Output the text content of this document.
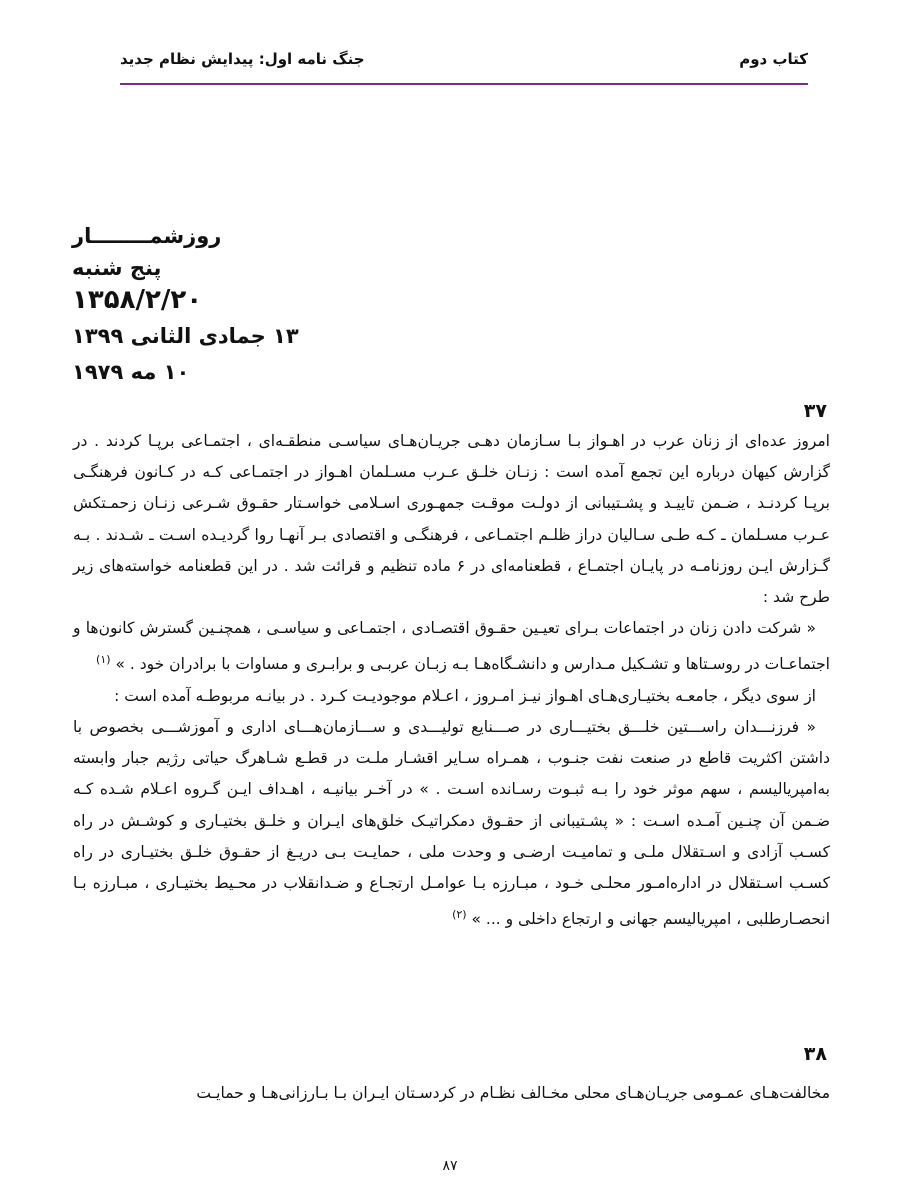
کتاب دوم
جنگ نامه اول: پیدایش نظام جدید
روزشمــــــــار
پنج شنبه
۱۳۵۸/۲/۲۰
۱۳ جمادی الثانی ۱۳۹۹
۱۰ مه ۱۹۷۹
۳۷

امروز عده‌ای از زنان عرب در اهـواز بـا سـازمان دهـی جریـان‌هـای سیاسـی منطقـه‌ای ، اجتمـاعی برپـا کردند . در گزارش کیهان درباره این تجمع آمده است : زنـان خلـق عـرب مسـلمان اهـواز در اجتمـاعی کـه در کـانون فرهنگـی برپـا کردنـد ، ضـمن تاییـد و پشـتیبانی از دولـت موقـت جمهـوری اسـلامی خواسـتار حقـوق شـرعی زنـان زحمـتکش عـرب مسـلمان ـ کـه طـی سـالیان دراز ظلـم اجتمـاعی ، فرهنگـی و اقتصادی بـر آنهـا روا گردیـده اسـت ـ شـدند . بـه گـزارش ایـن روزنامـه در پایـان اجتمـاع ، قطعنامه‌ای در ۶ ماده تنظیم و قرائت شد . در این قطعنامه خواسته‌های زیر طرح شد :

« شرکت دادن زنان در اجتماعات بـرای تعیـین حقـوق اقتصـادی ، اجتمـاعی و سیاسـی ، همچنـین گسترش کانون‌ها و اجتماعـات در روسـتاها و تشـکیل مـدارس و دانشـگاه‌هـا بـه زبـان عربـی و برابـری و مساوات با برادران خود . » $^{(۱)}$

از سوی دیگر ، جامعـه بختیـاری‌هـای اهـواز نیـز امـروز ، اعـلام موجودیـت کـرد . در بیانـه مربوطـه آمده است :

« فرزنـــدان راســـتین خلـــق بختیـــاری در صـــنایع تولیـــدی و ســـازمان‌هـــای اداری و آموزشـــی بخصوص با داشتن اکثریت قاطع در صنعت نفت جنـوب ، همـراه سـایر اقشـار ملـت در قطـع شـاهرگ حیاتی رژیم جبار وابسته به‌امپریالیسم ، سهم موثر خود را بـه ثبـوت رسـانده اسـت . » در آخـر بیانیـه ، اهـداف ایـن گـروه اعـلام شـده کـه ضـمن آن چنـین آمـده اسـت : « پشـتیبانی از حقـوق دمکراتیـک خلق‌های ایـران و خلـق بختیـاری و کوشـش در راه کسـب آزادی و اسـتقلال ملـی و تمامیـت ارضـی و وحدت ملی ، حمایـت بـی دریـغ از حقـوق خلـق بختیـاری در راه کسـب اسـتقلال در اداره‌امـور محلـی خـود ، مبـارزه بـا عوامـل ارتجـاع و ضـدانقلاب در محـیط بختیـاری ، مبـارزه بـا انحصـارطلبی ، امپریالیسم جهانی و ارتجاع داخلی و ... » $^{(۲)}$

۳۸

مخالفت‌هـای عمـومی جریـان‌هـای محلی مخـالف نظـام در کردسـتان ایـران بـا بـارزانی‌هـا و حمایـت

۸۷
